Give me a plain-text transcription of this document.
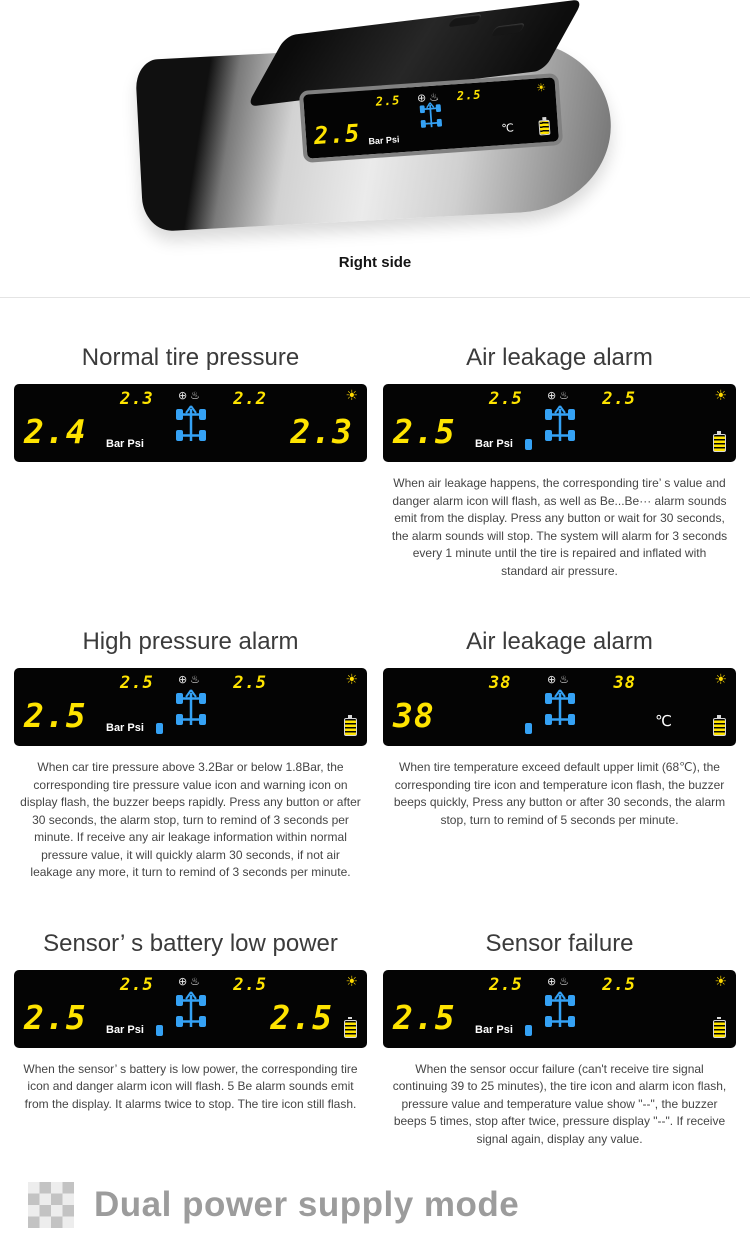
2.5 Bar Psi
2.5 ⊕♨ 2.5	☀
℃
Right side
Normal tire pressure
2.4 Bar Psi
2.3 ⊕♨ 2.2	☀
2.3
Air leakage alarm
2.5 Bar Psi
2.5 ⊕♨ 2.5	☀

When air leakage happens, the corresponding tire’ s value and danger alarm icon will flash, as well as Be...Be··· alarm sounds emit from the display. Press any button or wait for 30 seconds, the alarm sounds will stop. The system will alarm for 3 seconds every 1 minute until the tire is repaired and inflated with standard air pressure.

High pressure alarm
2.5 Bar Psi
2.5 ⊕♨ 2.5	☀

When car tire pressure above 3.2Bar or below 1.8Bar, the corresponding tire pressure value icon and warning icon on display flash, the buzzer beeps rapidly. Press any button or after 30 seconds, the alarm stop, turn to remind of 3 seconds per minute. If receive any air leakage information within normal pressure value, it will quickly alarm 30 seconds, if not air leakage any more, it turn to remind of 3 seconds per minute.

Air leakage alarm
38	℃
38	⊕♨ 38	☀

When tire temperature exceed default upper limit (68℃), the corresponding tire icon and temperature icon flash, the buzzer beeps quickly, Press any button or after 30 seconds, the alarm stop, turn to remind of 5 seconds per minute.

Sensor’ s battery low power
2.5 Bar Psi
2.5 ⊕♨ 2.5	☀
2.5

When the sensor’ s battery is low power, the corresponding tire icon and danger alarm icon will flash. 5 Be alarm sounds emit from the display. It alarms twice to stop. The tire icon still flash.

Sensor failure
2.5 Bar Psi
2.5 ⊕♨ 2.5	☀

When the sensor occur failure (can't receive tire signal continuing 39 to 25 minutes), the tire icon and alarm icon flash, pressure value and temperature value show "--", the buzzer beeps 5 times, stop after twice, pressure display "--". If receive signal again, display any value.

Dual power supply mode
